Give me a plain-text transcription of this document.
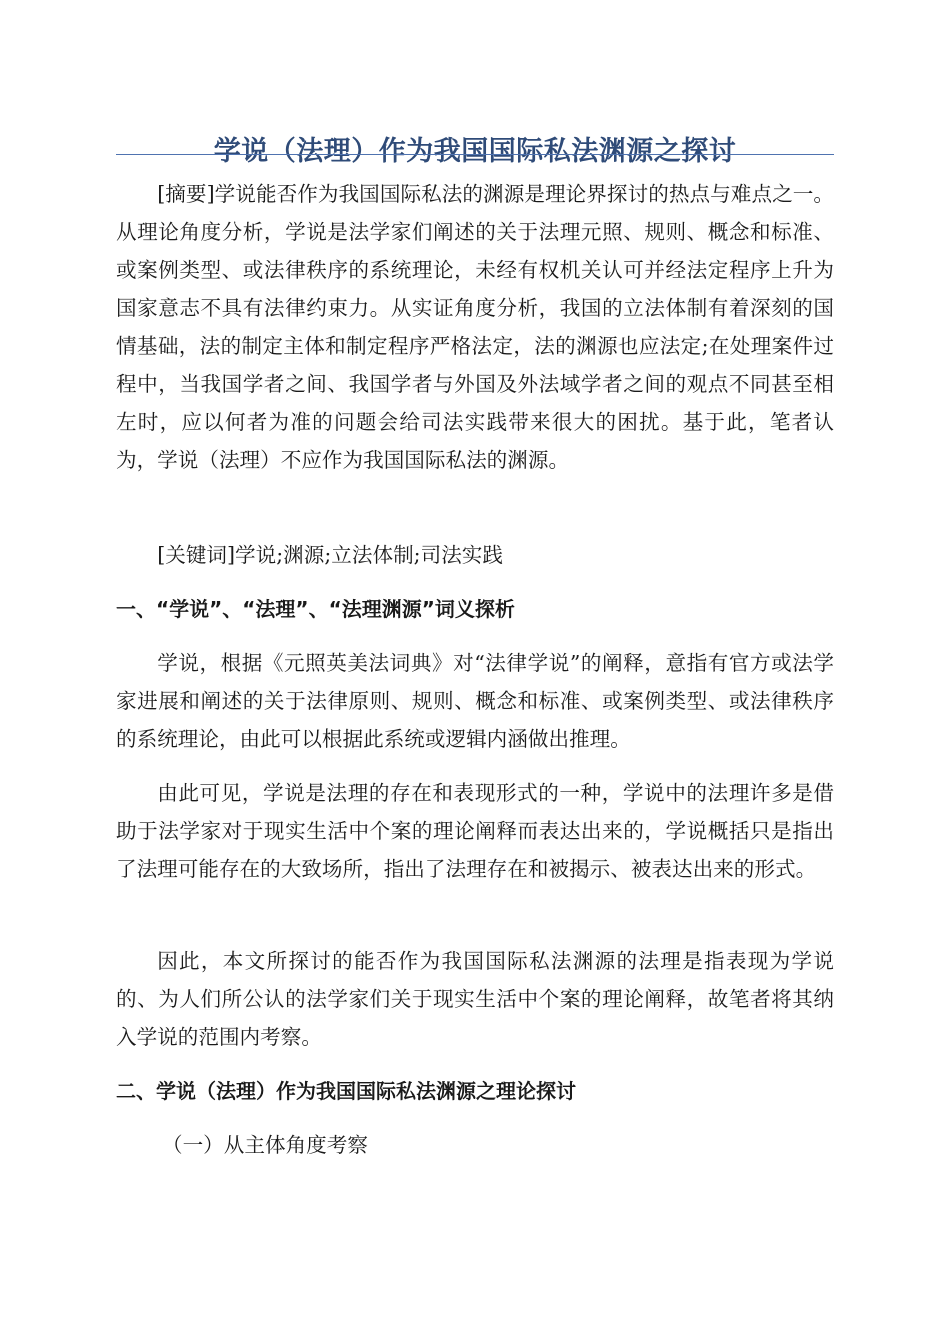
学说（法理）作为我国国际私法渊源之探讨

[摘要]学说能否作为我国国际私法的渊源是理论界探讨的热点与难点之一。从理论角度分析，学说是法学家们阐述的关于法理元照、规则、概念和标准、或案例类型、或法律秩序的系统理论，未经有权机关认可并经法定程序上升为国家意志不具有法律约束力。从实证角度分析，我国的立法体制有着深刻的国情基础，法的制定主体和制定程序严格法定，法的渊源也应法定;在处理案件过程中，当我国学者之间、我国学者与外国及外法域学者之间的观点不同甚至相左时，应以何者为准的问题会给司法实践带来很大的困扰。基于此，笔者认为，学说（法理）不应作为我国国际私法的渊源。

[关键词]学说;渊源;立法体制;司法实践

一、“学说”、“法理”、“法理渊源”词义探析

学说，根据《元照英美法词典》对“法律学说”的阐释，意指有官方或法学家进展和阐述的关于法律原则、规则、概念和标准、或案例类型、或法律秩序的系统理论，由此可以根据此系统或逻辑内涵做出推理。

由此可见，学说是法理的存在和表现形式的一种，学说中的法理许多是借助于法学家对于现实生活中个案的理论阐释而表达出来的，学说概括只是指出了法理可能存在的大致场所，指出了法理存在和被揭示、被表达出来的形式。

因此，本文所探讨的能否作为我国国际私法渊源的法理是指表现为学说的、为人们所公认的法学家们关于现实生活中个案的理论阐释，故笔者将其纳入学说的范围内考察。

二、学说（法理）作为我国国际私法渊源之理论探讨

（一）从主体角度考察
